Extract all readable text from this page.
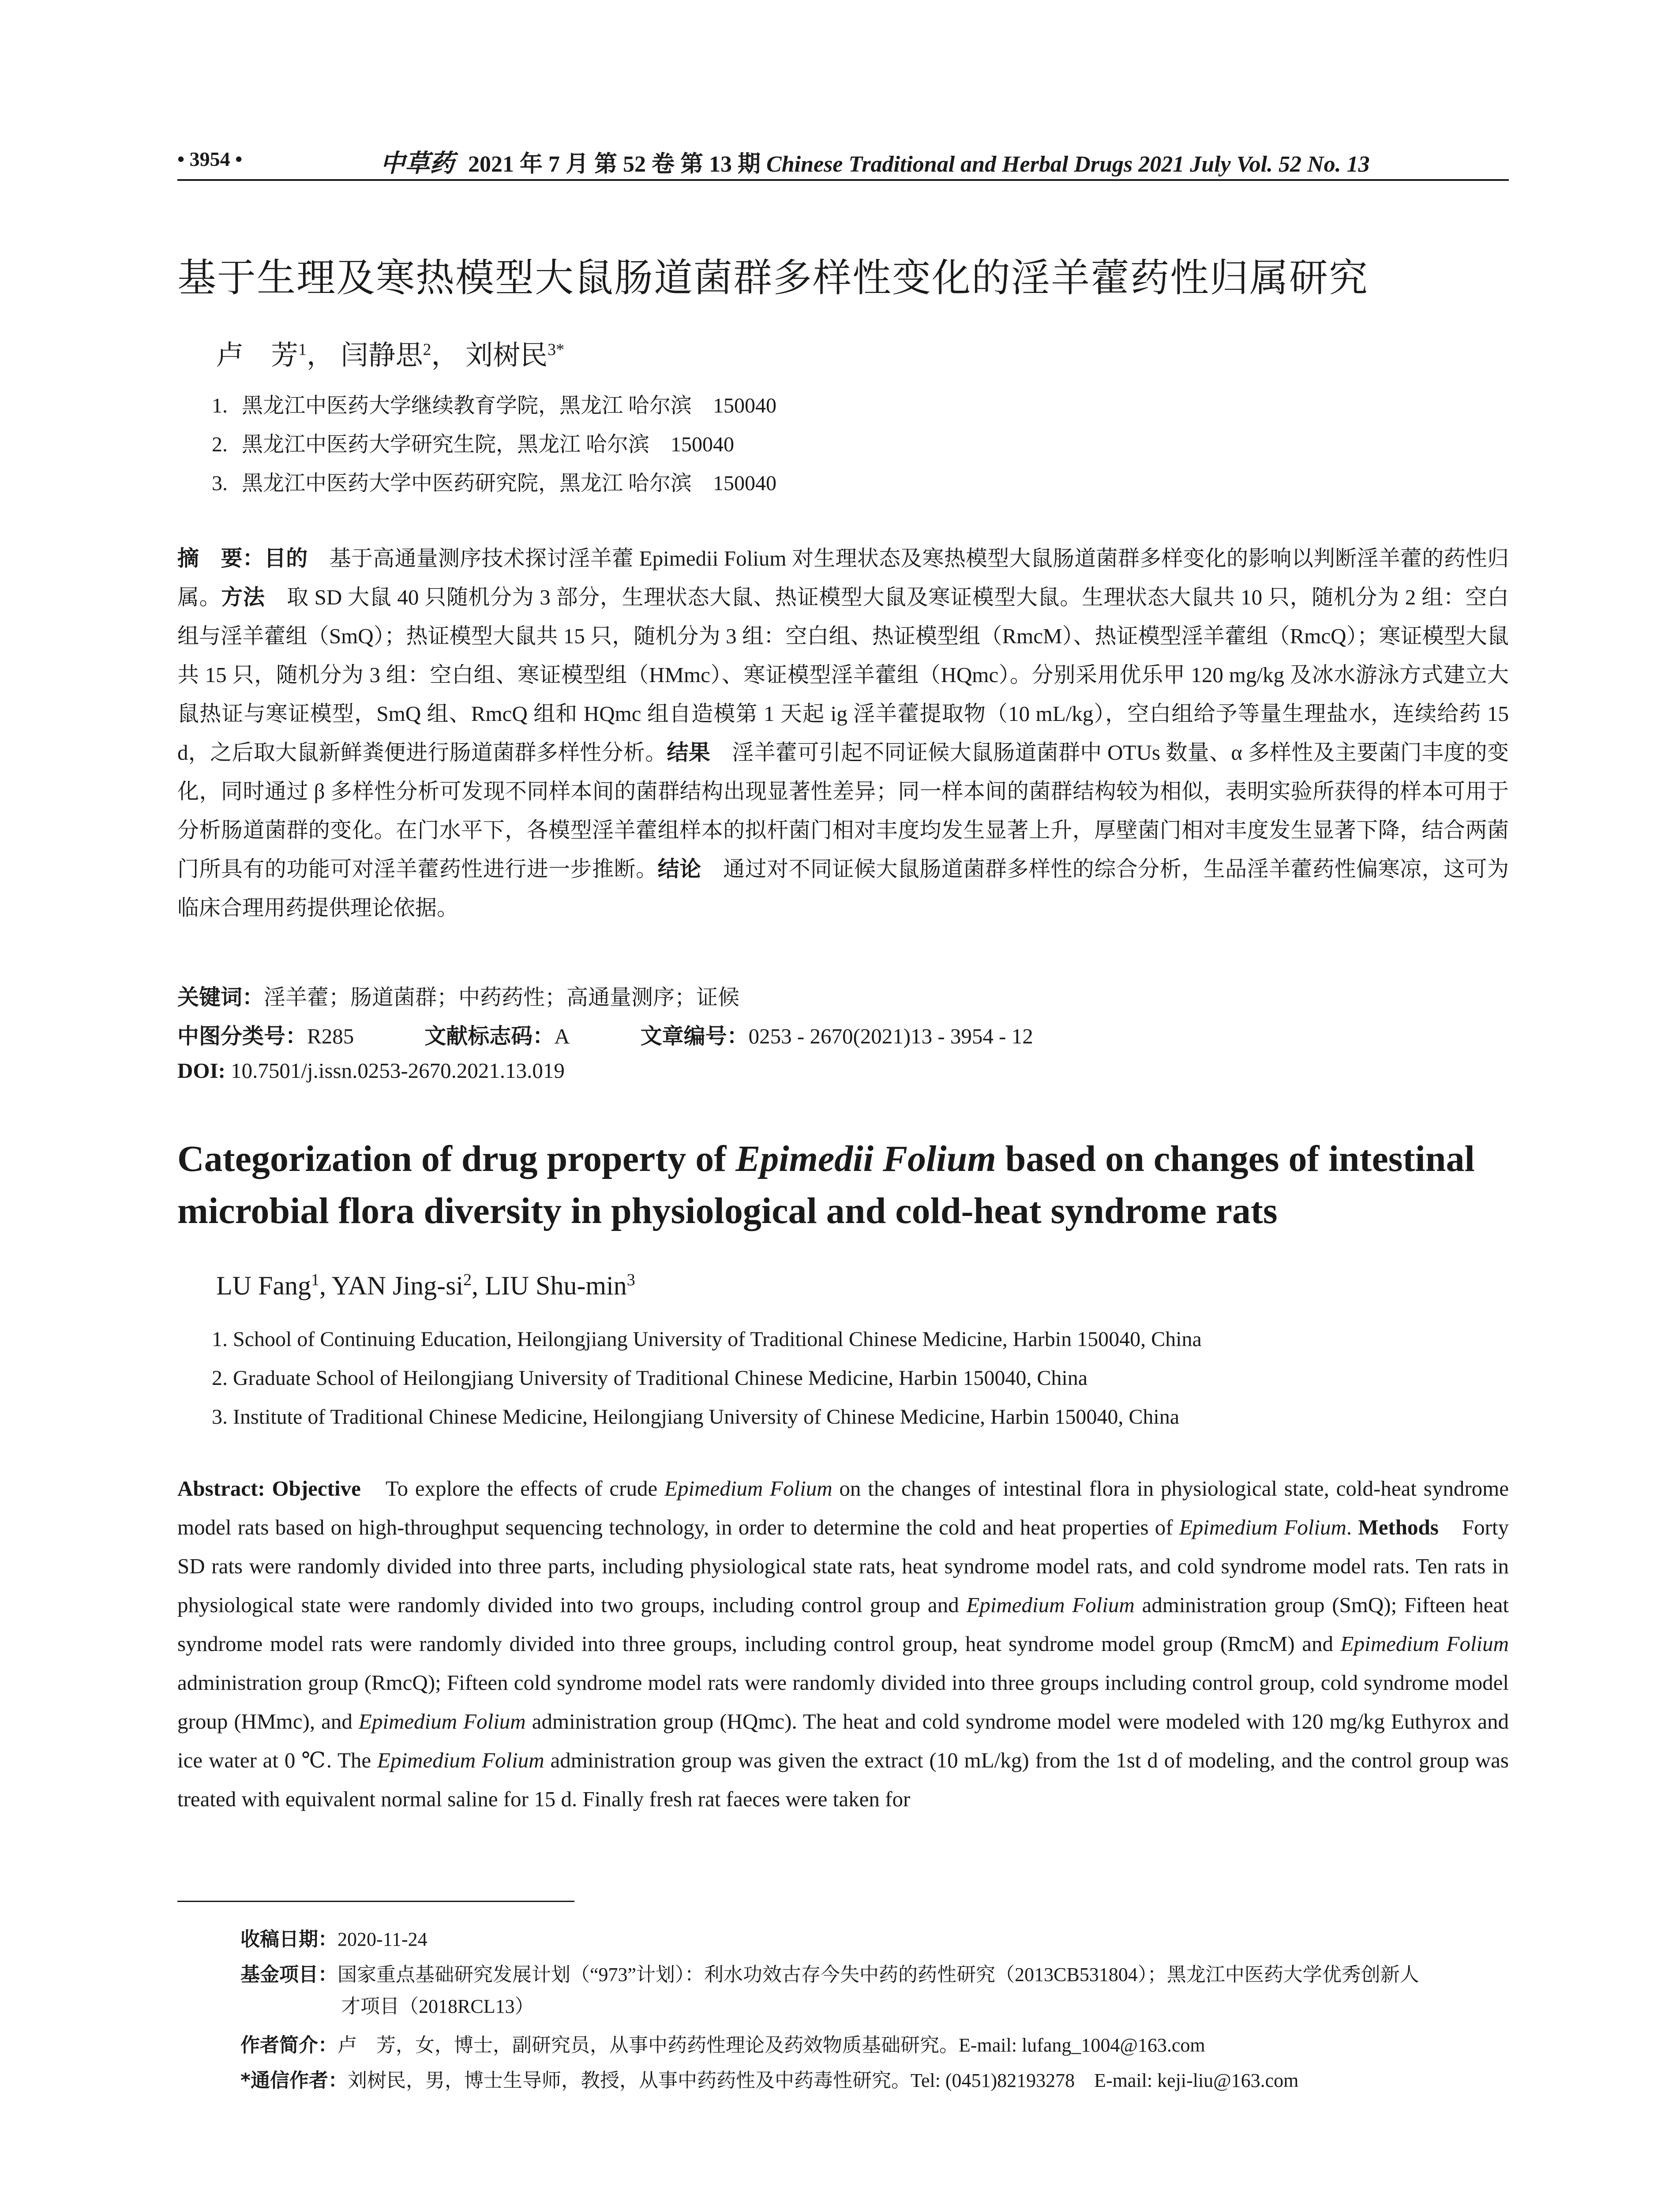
• 3954 •	中草药 2021 年 7 月 第 52 卷 第 13 期 Chinese Traditional and Herbal Drugs 2021 July Vol. 52 No. 13
基于生理及寒热模型大鼠肠道菌群多样性变化的淫羊藿药性归属研究
卢　芳$^1$， 闫静思$^2$， 刘树民$^{3*}$
1. 黑龙江中医药大学继续教育学院，黑龙江 哈尔滨　150040
2. 黑龙江中医药大学研究生院，黑龙江 哈尔滨　150040
3. 黑龙江中医药大学中医药研究院，黑龙江 哈尔滨　150040
摘　要：目的　基于高通量测序技术探讨淫羊藿 Epimedii Folium 对生理状态及寒热模型大鼠肠道菌群多样变化的影响以判断淫羊藿的药性归属。方法　取 SD 大鼠 40 只随机分为 3 部分，生理状态大鼠、热证模型大鼠及寒证模型大鼠。生理状态大鼠共 10 只，随机分为 2 组：空白组与淫羊藿组（SmQ）；热证模型大鼠共 15 只，随机分为 3 组：空白组、热证模型组（RmcM）、热证模型淫羊藿组（RmcQ）；寒证模型大鼠共 15 只，随机分为 3 组：空白组、寒证模型组（HMmc）、寒证模型淫羊藿组（HQmc）。分别采用优乐甲 120 mg/kg 及冰水游泳方式建立大鼠热证与寒证模型，SmQ 组、RmcQ 组和 HQmc 组自造模第 1 天起 ig 淫羊藿提取物（10 mL/kg），空白组给予等量生理盐水，连续给药 15 d，之后取大鼠新鲜粪便进行肠道菌群多样性分析。结果　淫羊藿可引起不同证候大鼠肠道菌群中 OTUs 数量、α 多样性及主要菌门丰度的变化，同时通过 β 多样性分析可发现不同样本间的菌群结构出现显著性差异；同一样本间的菌群结构较为相似，表明实验所获得的样本可用于分析肠道菌群的变化。在门水平下，各模型淫羊藿组样本的拟杆菌门相对丰度均发生显著上升，厚壁菌门相对丰度发生显著下降，结合两菌门所具有的功能可对淫羊藿药性进行进一步推断。结论　通过对不同证候大鼠肠道菌群多样性的综合分析，生品淫羊藿药性偏寒凉，这可为临床合理用药提供理论依据。
关键词：淫羊藿；肠道菌群；中药药性；高通量测序；证候
中图分类号：R285	文献标志码：A	文章编号：0253 - 2670(2021)13 - 3954 - 12
DOI: 10.7501/j.issn.0253-2670.2021.13.019
Categorization of drug property of Epimedii Folium based on changes of intestinal microbial flora diversity in physiological and cold-heat syndrome rats
LU Fang$^1$, YAN Jing-$si^2$, LIU Shu-$\min^3$
1. School of Continuing Education, Heilongjiang University of Traditional Chinese Medicine, Harbin 150040, China
2. Graduate School of Heilongjiang University of Traditional Chinese Medicine, Harbin 150040, China
3. Institute of Traditional Chinese Medicine, Heilongjiang University of Chinese Medicine, Harbin 150040, China
Abstract: Objective　To explore the effects of crude Epimedium Folium on the changes of intestinal flora in physiological state, cold-heat syndrome model rats based on high-throughput sequencing technology, in order to determine the cold and heat properties of Epimedium Folium. Methods　Forty SD rats were randomly divided into three parts, including physiological state rats, heat syndrome model rats, and cold syndrome model rats. Ten rats in physiological state were randomly divided into two groups, including control group and Epimedium Folium administration group (SmQ); Fifteen heat syndrome model rats were randomly divided into three groups, including control group, heat syndrome model group (RmcM) and Epimedium Folium administration group (RmcQ); Fifteen cold syndrome model rats were randomly divided into three groups including control group, cold syndrome model group (HMmc), and Epimedium Folium administration group (HQmc). The heat and cold syndrome model were modeled with 120 mg/kg Euthyrox and ice water at 0 ℃. The Epimedium Folium administration group was given the extract (10 mL/kg) from the 1st d of modeling, and the control group was treated with equivalent normal saline for 15 d. Finally fresh rat faeces were taken for
收稿日期：2020-11-24
基金项目：国家重点基础研究发展计划（“973”计划）：利水功效古存今失中药的药性研究（2013CB531804）；黑龙江中医药大学优秀创新人
才项目（2018RCL13）
作者简介：卢　芳，女，博士，副研究员，从事中药药性理论及药效物质基础研究。E-mail: lufang_1004@163.com
*通信作者：刘树民，男，博士生导师，教授，从事中药药性及中药毒性研究。Tel: (0451)82193278　E-mail: keji-liu@163.com
